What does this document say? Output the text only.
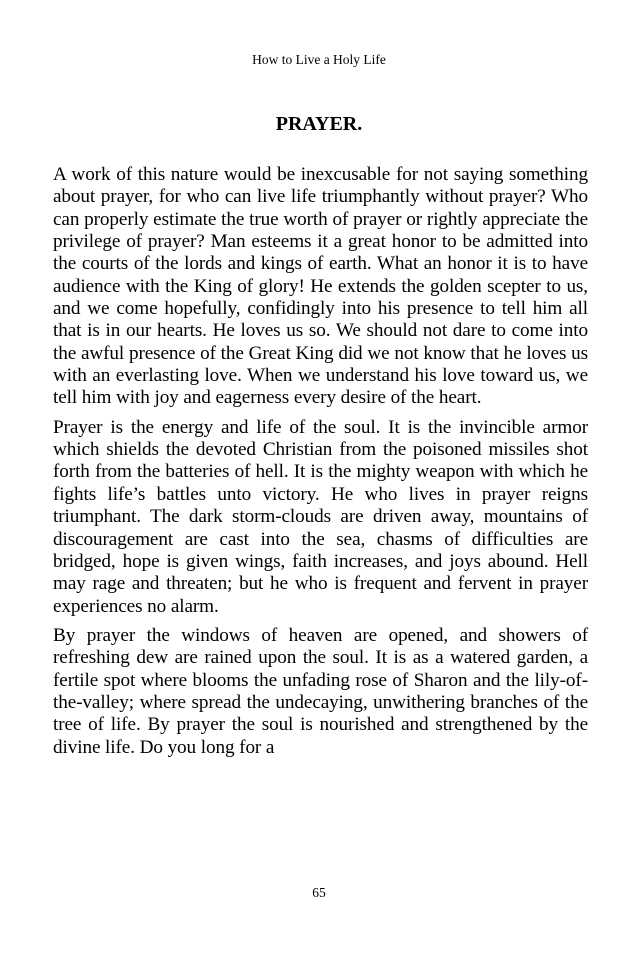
How to Live a Holy Life
PRAYER.

A work of this nature would be inexcusable for not saying something about prayer, for who can live life triumphantly without prayer? Who can properly estimate the true worth of prayer or rightly appreciate the privilege of prayer? Man esteems it a great honor to be admitted into the courts of the lords and kings of earth. What an honor it is to have audience with the King of glory! He extends the golden scepter to us, and we come hopefully, confidingly into his presence to tell him all that is in our hearts. He loves us so. We should not dare to come into the awful presence of the Great King did we not know that he loves us with an everlasting love. When we understand his love toward us, we tell him with joy and eagerness every desire of the heart.

Prayer is the energy and life of the soul. It is the invincible armor which shields the devoted Christian from the poisoned missiles shot forth from the batteries of hell. It is the mighty weapon with which he fights life’s battles unto victory. He who lives in prayer reigns triumphant. The dark storm-clouds are driven away, mountains of discouragement are cast into the sea, chasms of difficulties are bridged, hope is given wings, faith increases, and joys abound. Hell may rage and threaten; but he who is frequent and fervent in prayer experiences no alarm.

By prayer the windows of heaven are opened, and showers of refreshing dew are rained upon the soul. It is as a watered garden, a fertile spot where blooms the unfading rose of Sharon and the lily-of-the-valley; where spread the undecaying, unwithering branches of the tree of life. By prayer the soul is nourished and strengthened by the divine life. Do you long for a

65
